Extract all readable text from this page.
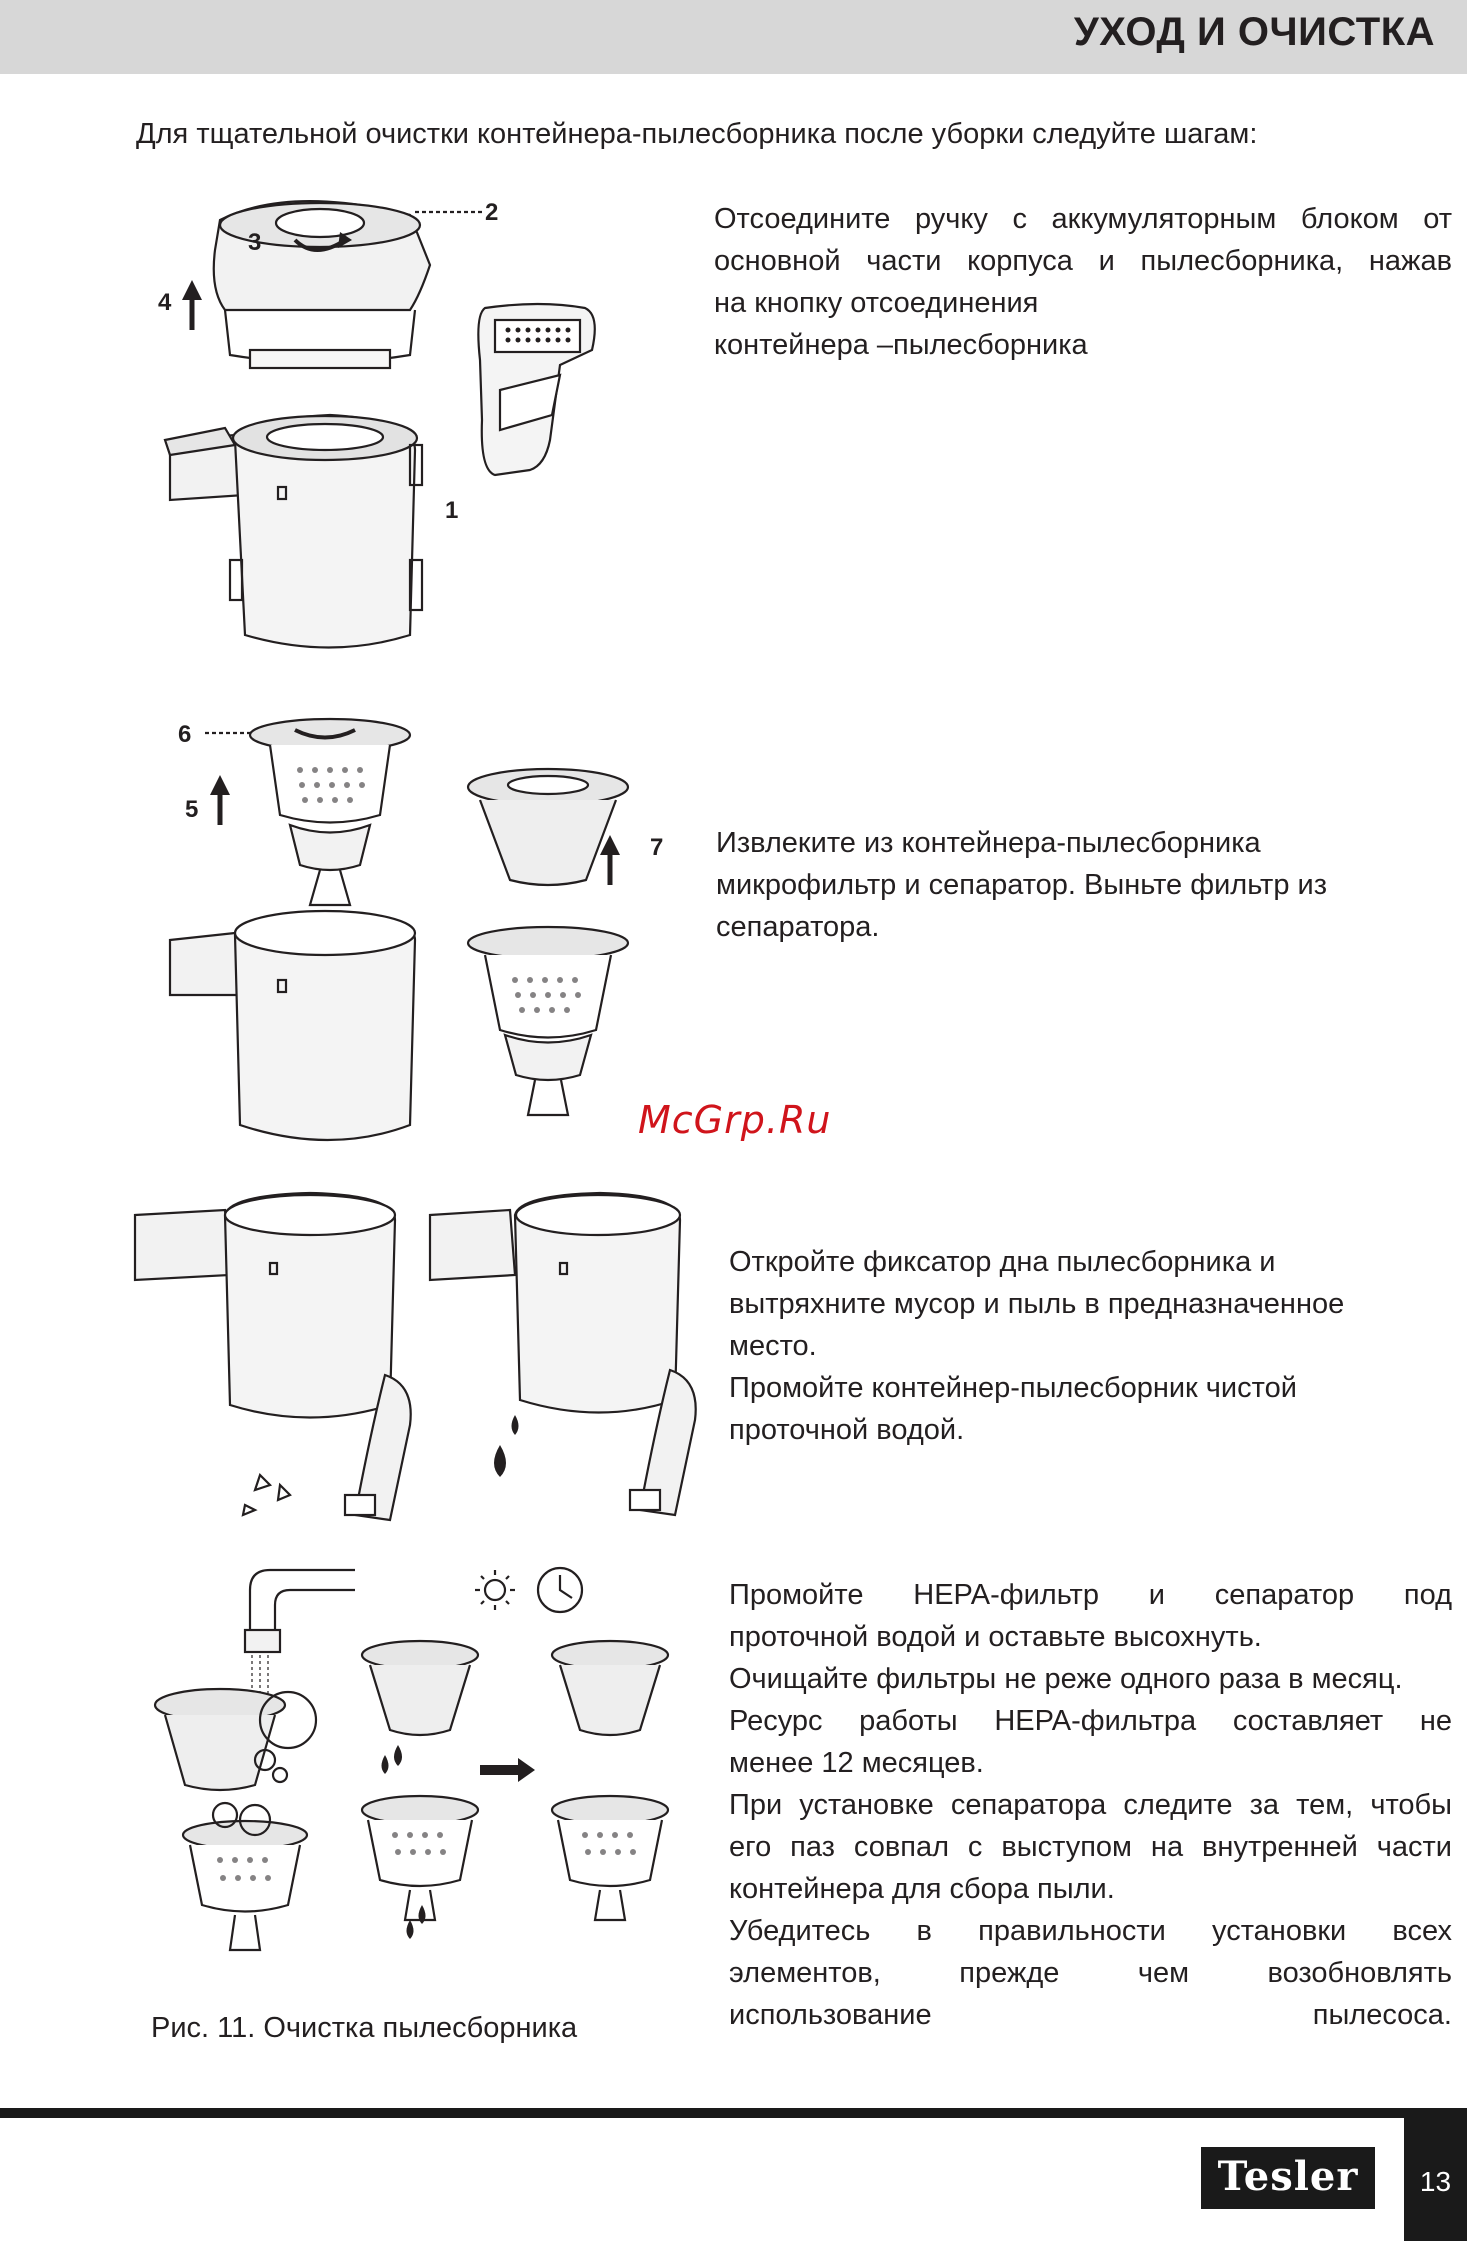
УХОД И ОЧИСТКА
Для тщательной очистки контейнера-пылесборника после уборки следуйте шагам:
Отсоедините ручку с аккумуляторным блоком от
основной части корпуса и пылесборника, нажав
на кнопку отсоединения
контейнера –пылесборника
Извлеките из контейнера-пылесборника
микрофильтр и сепаратор. Выньте фильтр из
сепаратора.
Откройте фиксатор дна пылесборника и
вытряхните мусор и пыль в предназначенное
место.
Промойте контейнер-пылесборник чистой
проточной водой.
Промойте HEPA-фильтр и сепаратор под
проточной водой и оставьте высохнуть.
Очищайте фильтры не реже одного раза в месяц.
Ресурс работы HEPA-фильтра составляет не
менее 12 месяцев.
При установке сепаратора следите за тем, чтобы
его паз совпал с выступом на внутренней части
контейнера для сбора пыли.
Убедитесь в правильности установки всех
элементов, прежде чем возобновлять
использование пылесоса.
2
3
4
1
6
5
7
McGrp.Ru
Рис. 11. Очистка пылесборника
Tesler	13
